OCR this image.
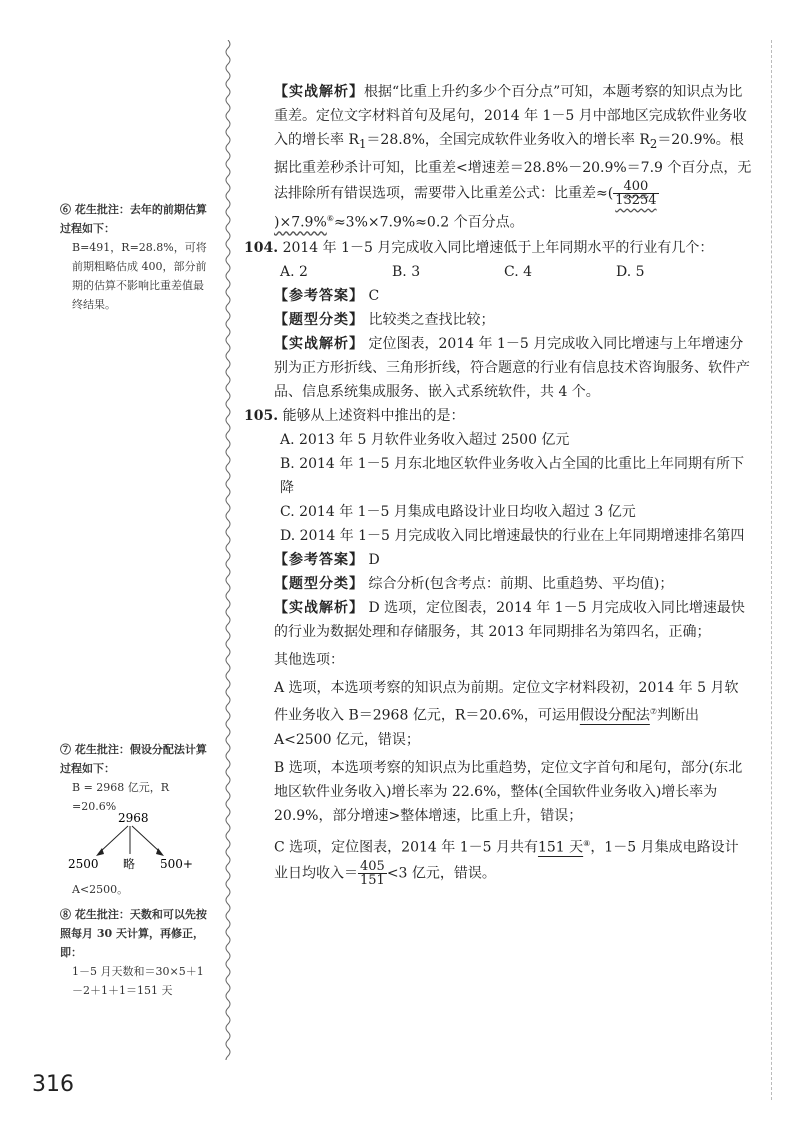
⑥ 花生批注：去年的前期估算过程如下：

B=491，R=28.8%，可将前期粗略估成 400，部分前期的估算不影响比重差值最终结果。

⑦ 花生批注：假设分配法计算过程如下：

B = 2968 亿元，R =20.6%

2968
2500 略 500+

A<2500。

⑧ 花生批注：天数和可以先按照每月 30 天计算，再修正，即：

1－5 月天数和＝30×5＋1－2＋1＋1＝151 天

【实战解析】根据“比重上升约多少个百分点”可知，本题考察的知识点为比重差。定位文字材料首句及尾句，2014 年 1－5 月中部地区完成软件业务收入的增长率 $R_1=28.8\%$，全国完成软件业务收入的增长率 $R_2=20.9\%$。根据比重差秒杀计可知，比重差<增速差＝28.8%－20.9%＝7.9 个百分点，无法排除所有错误选项，需要带入比重差公式：比重差≈( $\frac{400}{13254}$
)×7.9%⑥≈3%×7.9%≈0.2 个百分点。

104. 2014 年 1－5 月完成收入同比增速低于上年同期水平的行业有几个：

A. 2	B. 3	C. 4	D. 5

【参考答案】 C

【题型分类】 比较类之查找比较；

【实战解析】 定位图表，2014 年 1－5 月完成收入同比增速与上年增速分别为正方形折线、三角形折线，符合题意的行业有信息技术咨询服务、软件产品、信息系统集成服务、嵌入式系统软件，共 4 个。

105. 能够从上述资料中推出的是：

A. 2013 年 5 月软件业务收入超过 2500 亿元

B. 2014 年 1－5 月东北地区软件业务收入占全国的比重比上年同期有所下降

C. 2014 年 1－5 月集成电路设计业日均收入超过 3 亿元

D. 2014 年 1－5 月完成收入同比增速最快的行业在上年同期增速排名第四

【参考答案】 D

【题型分类】 综合分析(包含考点：前期、比重趋势、平均值)；

【实战解析】 D 选项，定位图表，2014 年 1－5 月完成收入同比增速最快的行业为数据处理和存储服务，其 2013 年同期排名为第四名，正确；

其他选项：

A 选项，本选项考察的知识点为前期。定位文字材料段初，2014 年 5 月软件业务收入 B＝2968 亿元，R＝20.6%，可运用假设分配法⑦判断出 A<2500 亿元，错误；

B 选项，本选项考察的知识点为比重趋势，定位文字首句和尾句，部分(东北地区软件业务收入)增长率为 22.6%，整体(全国软件业务收入)增长率为 20.9%，部分增速>整体增速，比重上升，错误；

C 选项，定位图表，2014 年 1－5 月共有151 天⑧，1－5 月集成电路设计业日均收入＝ $\frac{405}{151} <3$ 亿元，错误。

316
